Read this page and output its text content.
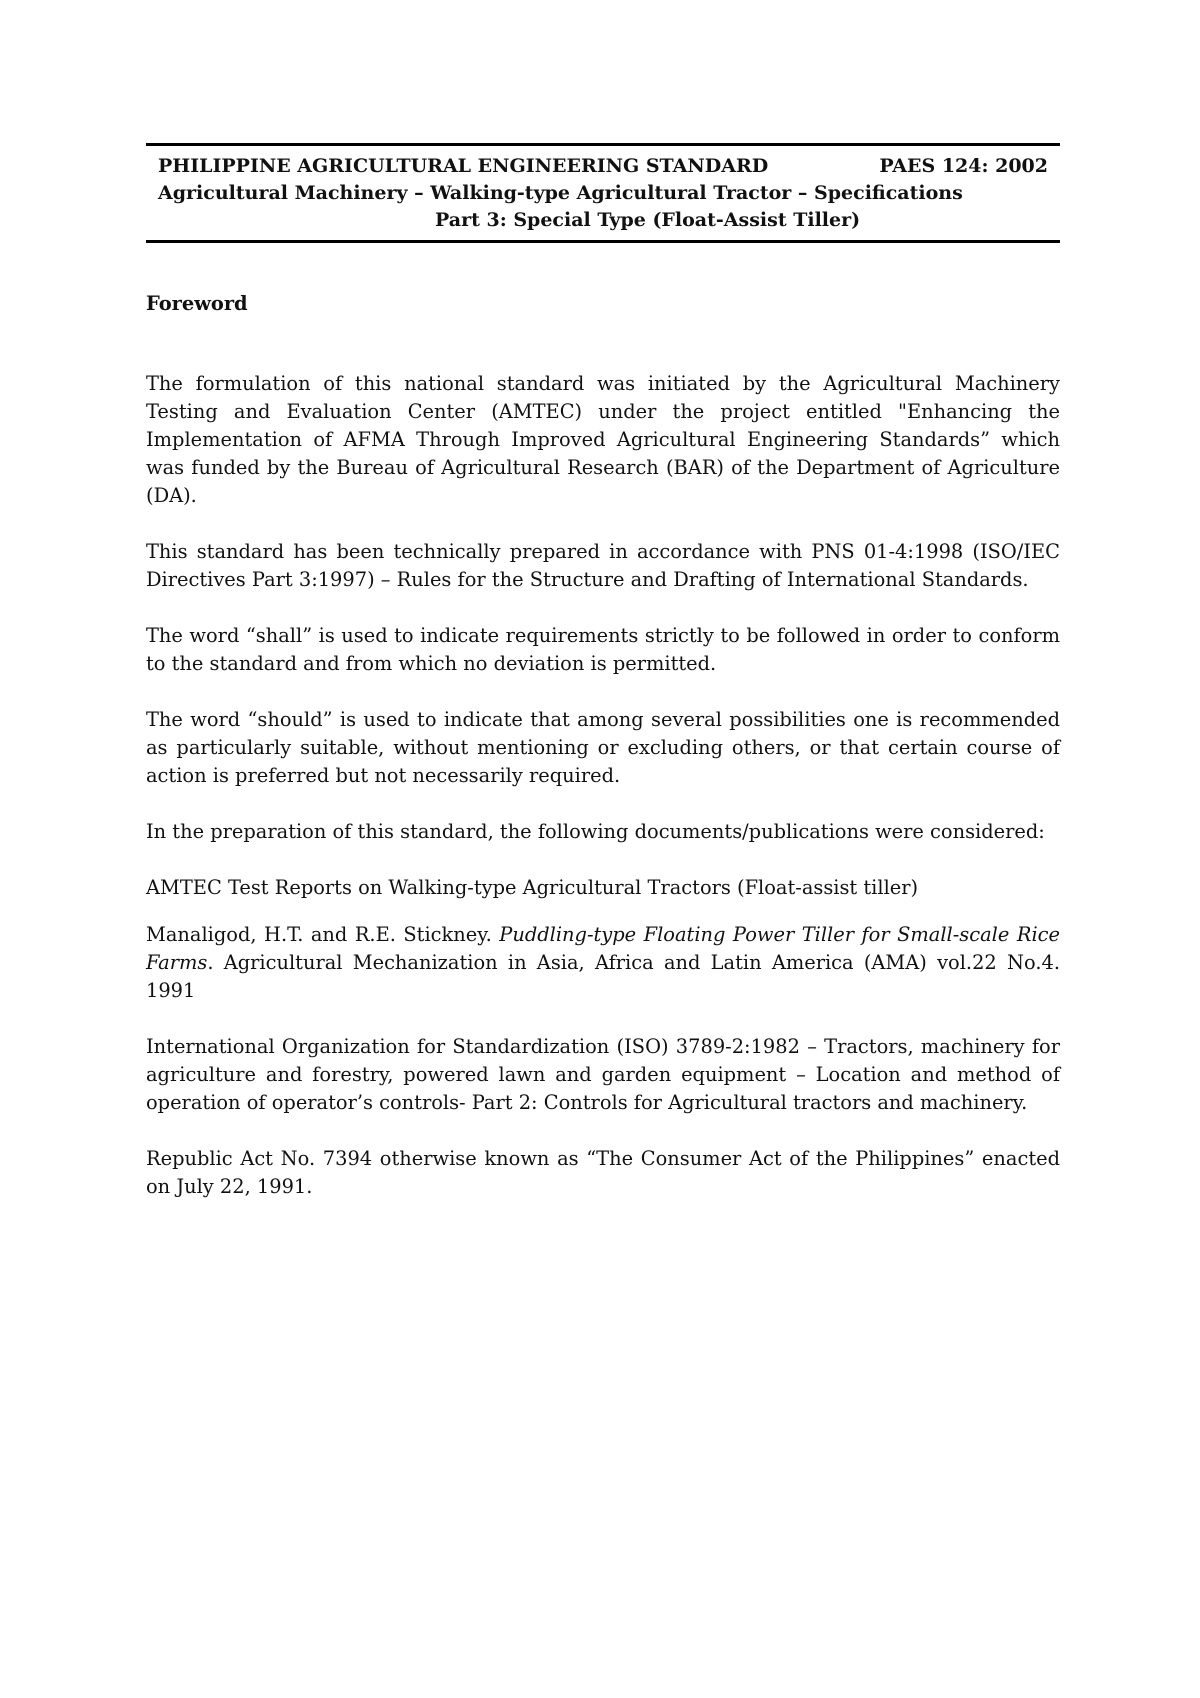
PHILIPPINE AGRICULTURAL ENGINEERING STANDARD	PAES 124: 2002
Agricultural Machinery – Walking-type Agricultural Tractor – Specifications
Part 3: Special Type (Float-Assist Tiller)

Foreword

The formulation of this national standard was initiated by the Agricultural Machinery Testing and Evaluation Center (AMTEC) under the project entitled "Enhancing the Implementation of AFMA Through Improved Agricultural Engineering Standards” which was funded by the Bureau of Agricultural Research (BAR) of the Department of Agriculture (DA).

This standard has been technically prepared in accordance with PNS 01-4:1998 (ISO/IEC Directives Part 3:1997) – Rules for the Structure and Drafting of International Standards.

The word “shall” is used to indicate requirements strictly to be followed in order to conform to the standard and from which no deviation is permitted.

The word “should” is used to indicate that among several possibilities one is recommended as particularly suitable, without mentioning or excluding others, or that certain course of action is preferred but not necessarily required.

In the preparation of this standard, the following documents/publications were considered:

AMTEC Test Reports on Walking-type Agricultural Tractors (Float-assist tiller)

Manaligod, H.T. and R.E. Stickney. Puddling-type Floating Power Tiller for Small-scale Rice Farms. Agricultural Mechanization in Asia, Africa and Latin America (AMA) vol.22 No.4. 1991

International Organization for Standardization (ISO) 3789-2:1982 – Tractors, machinery for agriculture and forestry, powered lawn and garden equipment – Location and method of operation of operator’s controls- Part 2: Controls for Agricultural tractors and machinery.

Republic Act No. 7394 otherwise known as “The Consumer Act of the Philippines” enacted on July 22, 1991.
